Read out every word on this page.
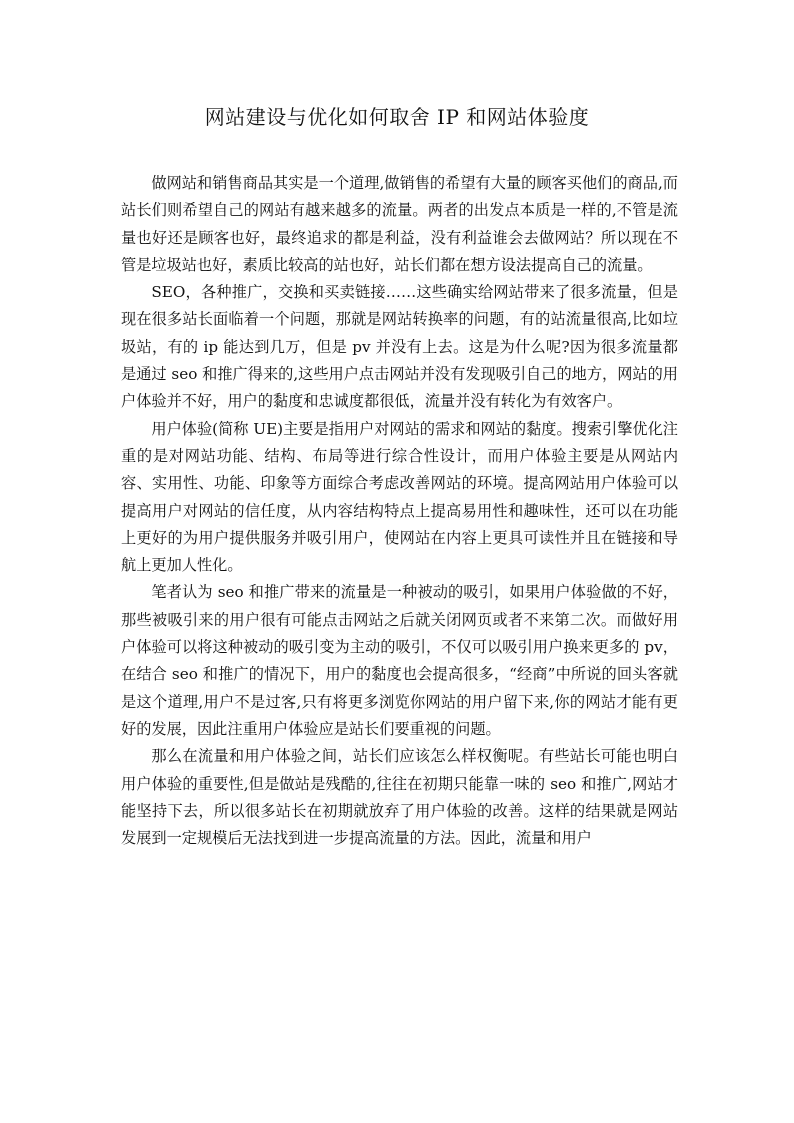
网站建设与优化如何取舍 IP 和网站体验度

做网站和销售商品其实是一个道理,做销售的希望有大量的顾客买他们的商品,而站长们则希望自己的网站有越来越多的流量。两者的出发点本质是一样的,不管是流量也好还是顾客也好，最终追求的都是利益，没有利益谁会去做网站？所以现在不管是垃圾站也好，素质比较高的站也好，站长们都在想方设法提高自己的流量。

SEO，各种推广，交换和买卖链接……这些确实给网站带来了很多流量，但是现在很多站长面临着一个问题，那就是网站转换率的问题，有的站流量很高,比如垃圾站，有的 ip 能达到几万，但是 pv 并没有上去。这是为什么呢?因为很多流量都是通过 seo 和推广得来的,这些用户点击网站并没有发现吸引自己的地方，网站的用户体验并不好，用户的黏度和忠诚度都很低，流量并没有转化为有效客户。

用户体验(简称 UE)主要是指用户对网站的需求和网站的黏度。搜索引擎优化注重的是对网站功能、结构、布局等进行综合性设计，而用户体验主要是从网站内容、实用性、功能、印象等方面综合考虑改善网站的环境。提高网站用户体验可以提高用户对网站的信任度，从内容结构特点上提高易用性和趣味性，还可以在功能上更好的为用户提供服务并吸引用户，使网站在内容上更具可读性并且在链接和导航上更加人性化。

笔者认为 seo 和推广带来的流量是一种被动的吸引，如果用户体验做的不好，那些被吸引来的用户很有可能点击网站之后就关闭网页或者不来第二次。而做好用户体验可以将这种被动的吸引变为主动的吸引，不仅可以吸引用户换来更多的 pv，在结合 seo 和推广的情况下，用户的黏度也会提高很多，“经商”中所说的回头客就是这个道理,用户不是过客,只有将更多浏览你网站的用户留下来,你的网站才能有更好的发展，因此注重用户体验应是站长们要重视的问题。

那么在流量和用户体验之间，站长们应该怎么样权衡呢。有些站长可能也明白用户体验的重要性,但是做站是残酷的,往往在初期只能靠一味的 seo 和推广,网站才能坚持下去，所以很多站长在初期就放弃了用户体验的改善。这样的结果就是网站发展到一定规模后无法找到进一步提高流量的方法。因此，流量和用户
